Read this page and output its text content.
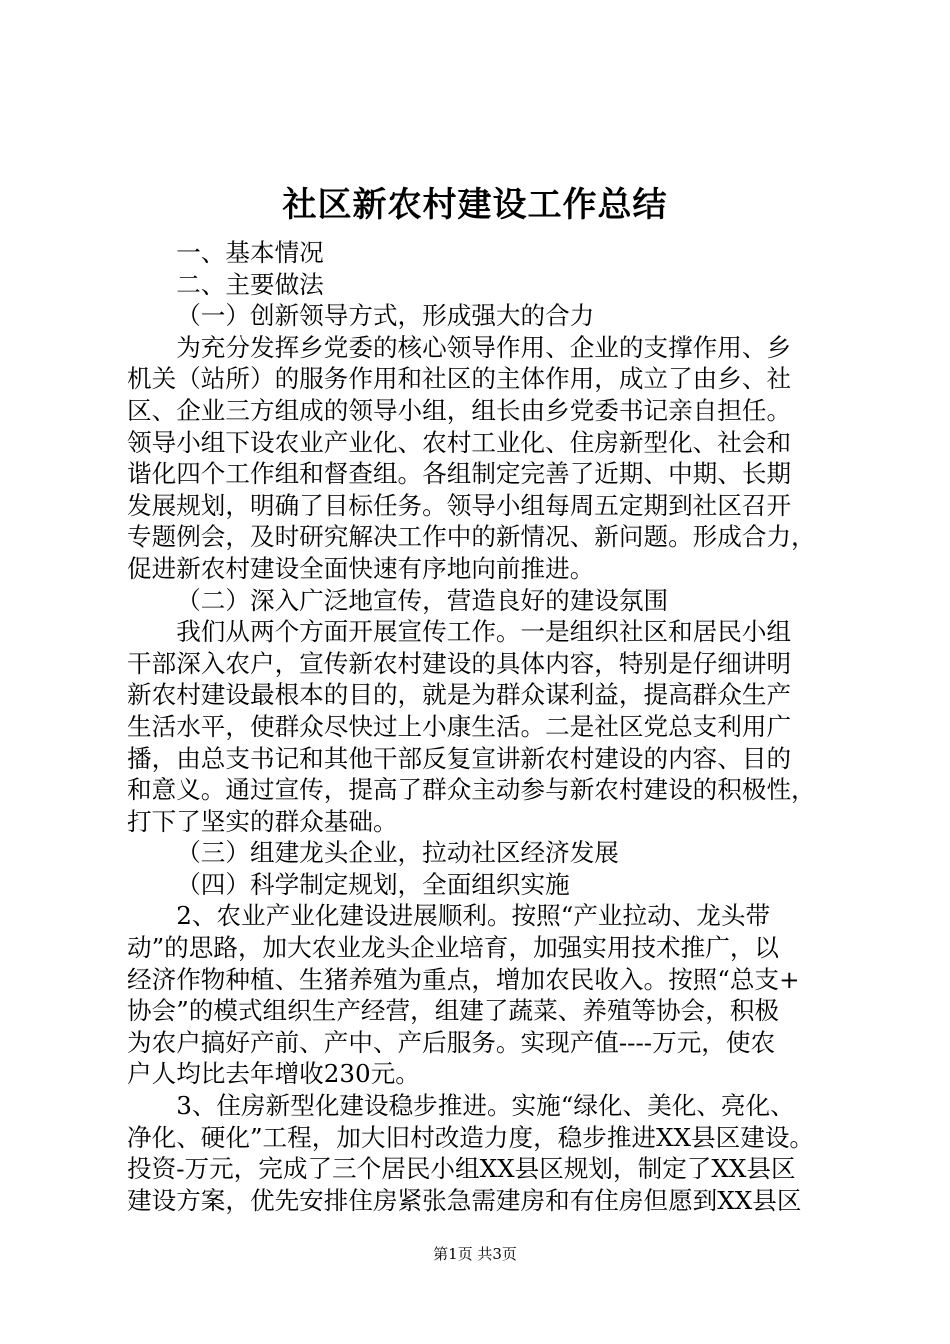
社区新农村建设工作总结
一、基本情况
二、主要做法
（一）创新领导方式，形成强大的合力
为充分发挥乡党委的核心领导作用、企业的支撑作用、乡
机关（站所）的服务作用和社区的主体作用，成立了由乡、社
区、企业三方组成的领导小组，组长由乡党委书记亲自担任。
领导小组下设农业产业化、农村工业化、住房新型化、社会和
谐化四个工作组和督查组。各组制定完善了近期、中期、长期
发展规划，明确了目标任务。领导小组每周五定期到社区召开
专题例会，及时研究解决工作中的新情况、新问题。形成合力，
促进新农村建设全面快速有序地向前推进。
（二）深入广泛地宣传，营造良好的建设氛围
我们从两个方面开展宣传工作。一是组织社区和居民小组
干部深入农户，宣传新农村建设的具体内容，特别是仔细讲明
新农村建设最根本的目的，就是为群众谋利益，提高群众生产
生活水平，使群众尽快过上小康生活。二是社区党总支利用广
播，由总支书记和其他干部反复宣讲新农村建设的内容、目的
和意义。通过宣传，提高了群众主动参与新农村建设的积极性，
打下了坚实的群众基础。
（三）组建龙头企业，拉动社区经济发展
（四）科学制定规划，全面组织实施
2、农业产业化建设进展顺利。按照“产业拉动、龙头带
动”的思路，加大农业龙头企业培育，加强实用技术推广，以
经济作物种植、生猪养殖为重点，增加农民收入。按照“总支+
协会”的模式组织生产经营，组建了蔬菜、养殖等协会，积极
为农户搞好产前、产中、产后服务。实现产值----万元，使农
户人均比去年增收230元。
3、住房新型化建设稳步推进。实施“绿化、美化、亮化、
净化、硬化”工程，加大旧村改造力度，稳步推进XX县区建设。
投资-万元，完成了三个居民小组XX县区规划，制定了XX县区
建设方案，优先安排住房紧张急需建房和有住房但愿到XX县区
第1页 共3页
